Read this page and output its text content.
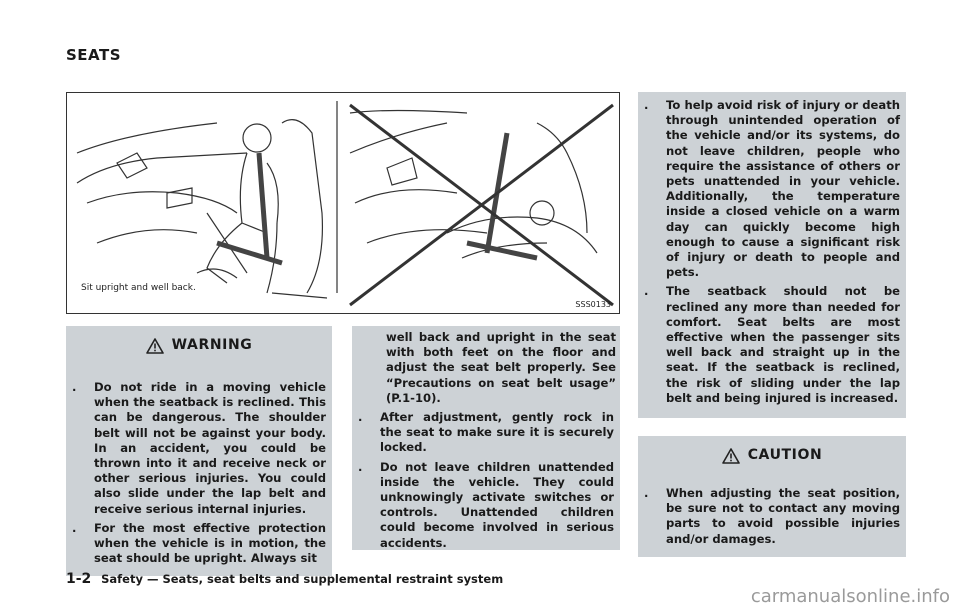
SEATS
Sit upright and well back.
SSS0133
WARNING
.	Do not ride in a moving vehicle when the seatback is reclined. This can be dangerous. The shoulder belt will not be against your body. In an accident, you could be thrown into it and receive neck or other serious injuries. You could also slide under the lap belt and receive serious internal injuries.
.	For the most effective protection when the vehicle is in motion, the seat should be upright. Always sit
well back and upright in the seat with both feet on the floor and adjust the seat belt properly. See “Precautions on seat belt usage” (P.1-10).
.	After adjustment, gently rock in the seat to make sure it is securely locked.
.	Do not leave children unattended inside the vehicle. They could unknowingly activate switches or controls. Unattended children could become involved in serious accidents.
.	To help avoid risk of injury or death through unintended operation of the vehicle and/or its systems, do not leave children, people who require the assistance of others or pets unattended in your vehicle. Additionally, the temperature inside a closed vehicle on a warm day can quickly become high enough to cause a significant risk of injury or death to people and pets.
.	The seatback should not be reclined any more than needed for comfort. Seat belts are most effective when the passenger sits well back and straight up in the seat. If the seatback is reclined, the risk of sliding under the lap belt and being injured is increased.
CAUTION
.	When adjusting the seat position, be sure not to contact any moving parts to avoid possible injuries and/or damages.
1-2 Safety — Seats, seat belts and supplemental restraint system
carmanualsonline.info
